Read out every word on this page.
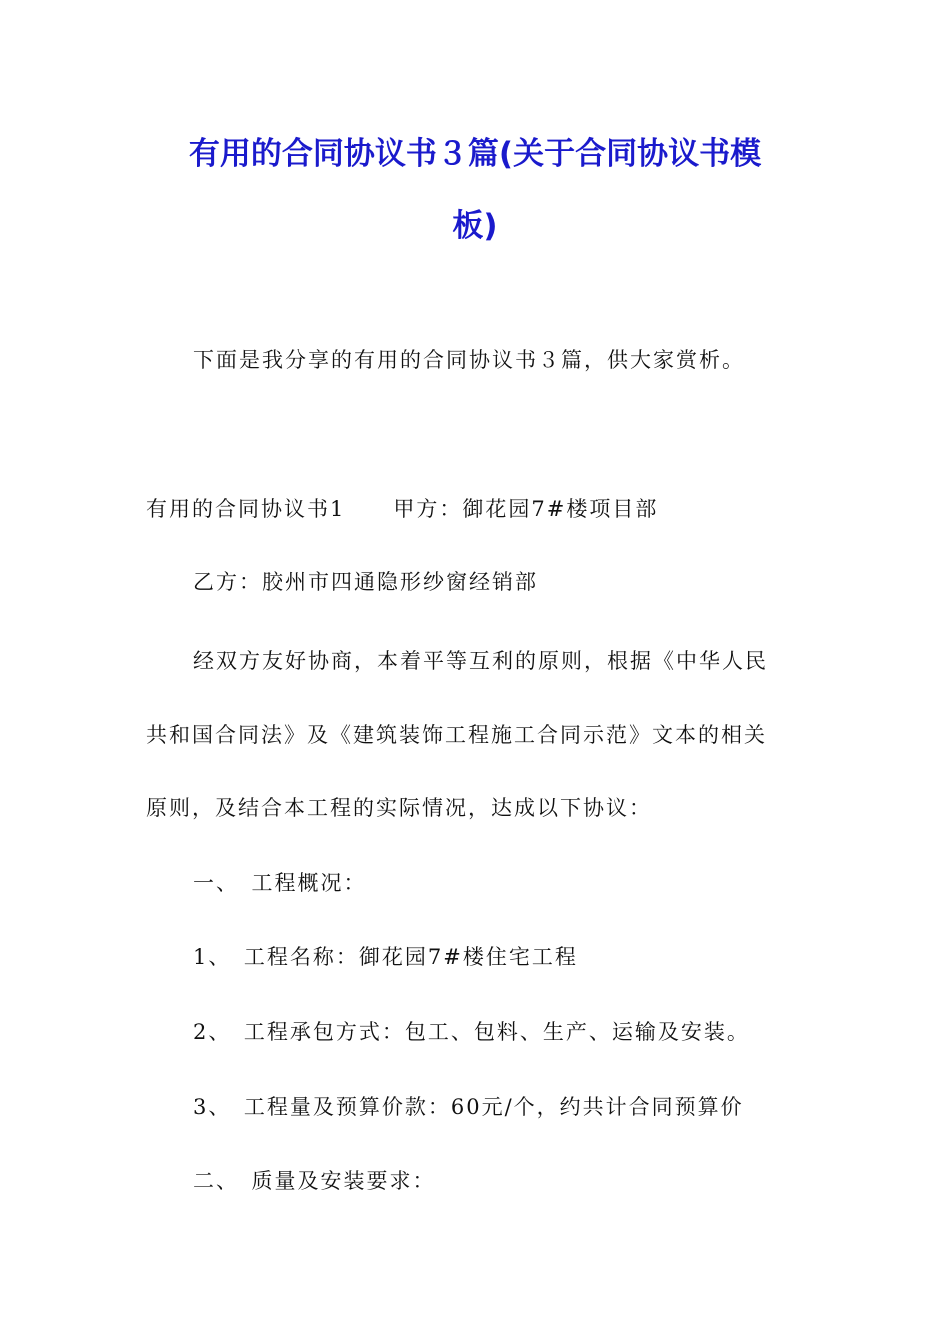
有用的合同协议书３篇(关于合同协议书模
板)
下面是我分享的有用的合同协议书３篇，供大家赏析。
有用的合同协议书1 甲方：御花园7#楼项目部
乙方：胶州市四通隐形纱窗经销部
经双方友好协商，本着平等互利的原则，根据《中华人民
共和国合同法》及《建筑装饰工程施工合同示范》文本的相关
原则，及结合本工程的实际情况，达成以下协议：
一、　工程概况：
1、　工程名称：御花园7#楼住宅工程
2、　工程承包方式：包工、包料、生产、运输及安装。
3、　工程量及预算价款：60元/个，约共计合同预算价
二、　质量及安装要求：
